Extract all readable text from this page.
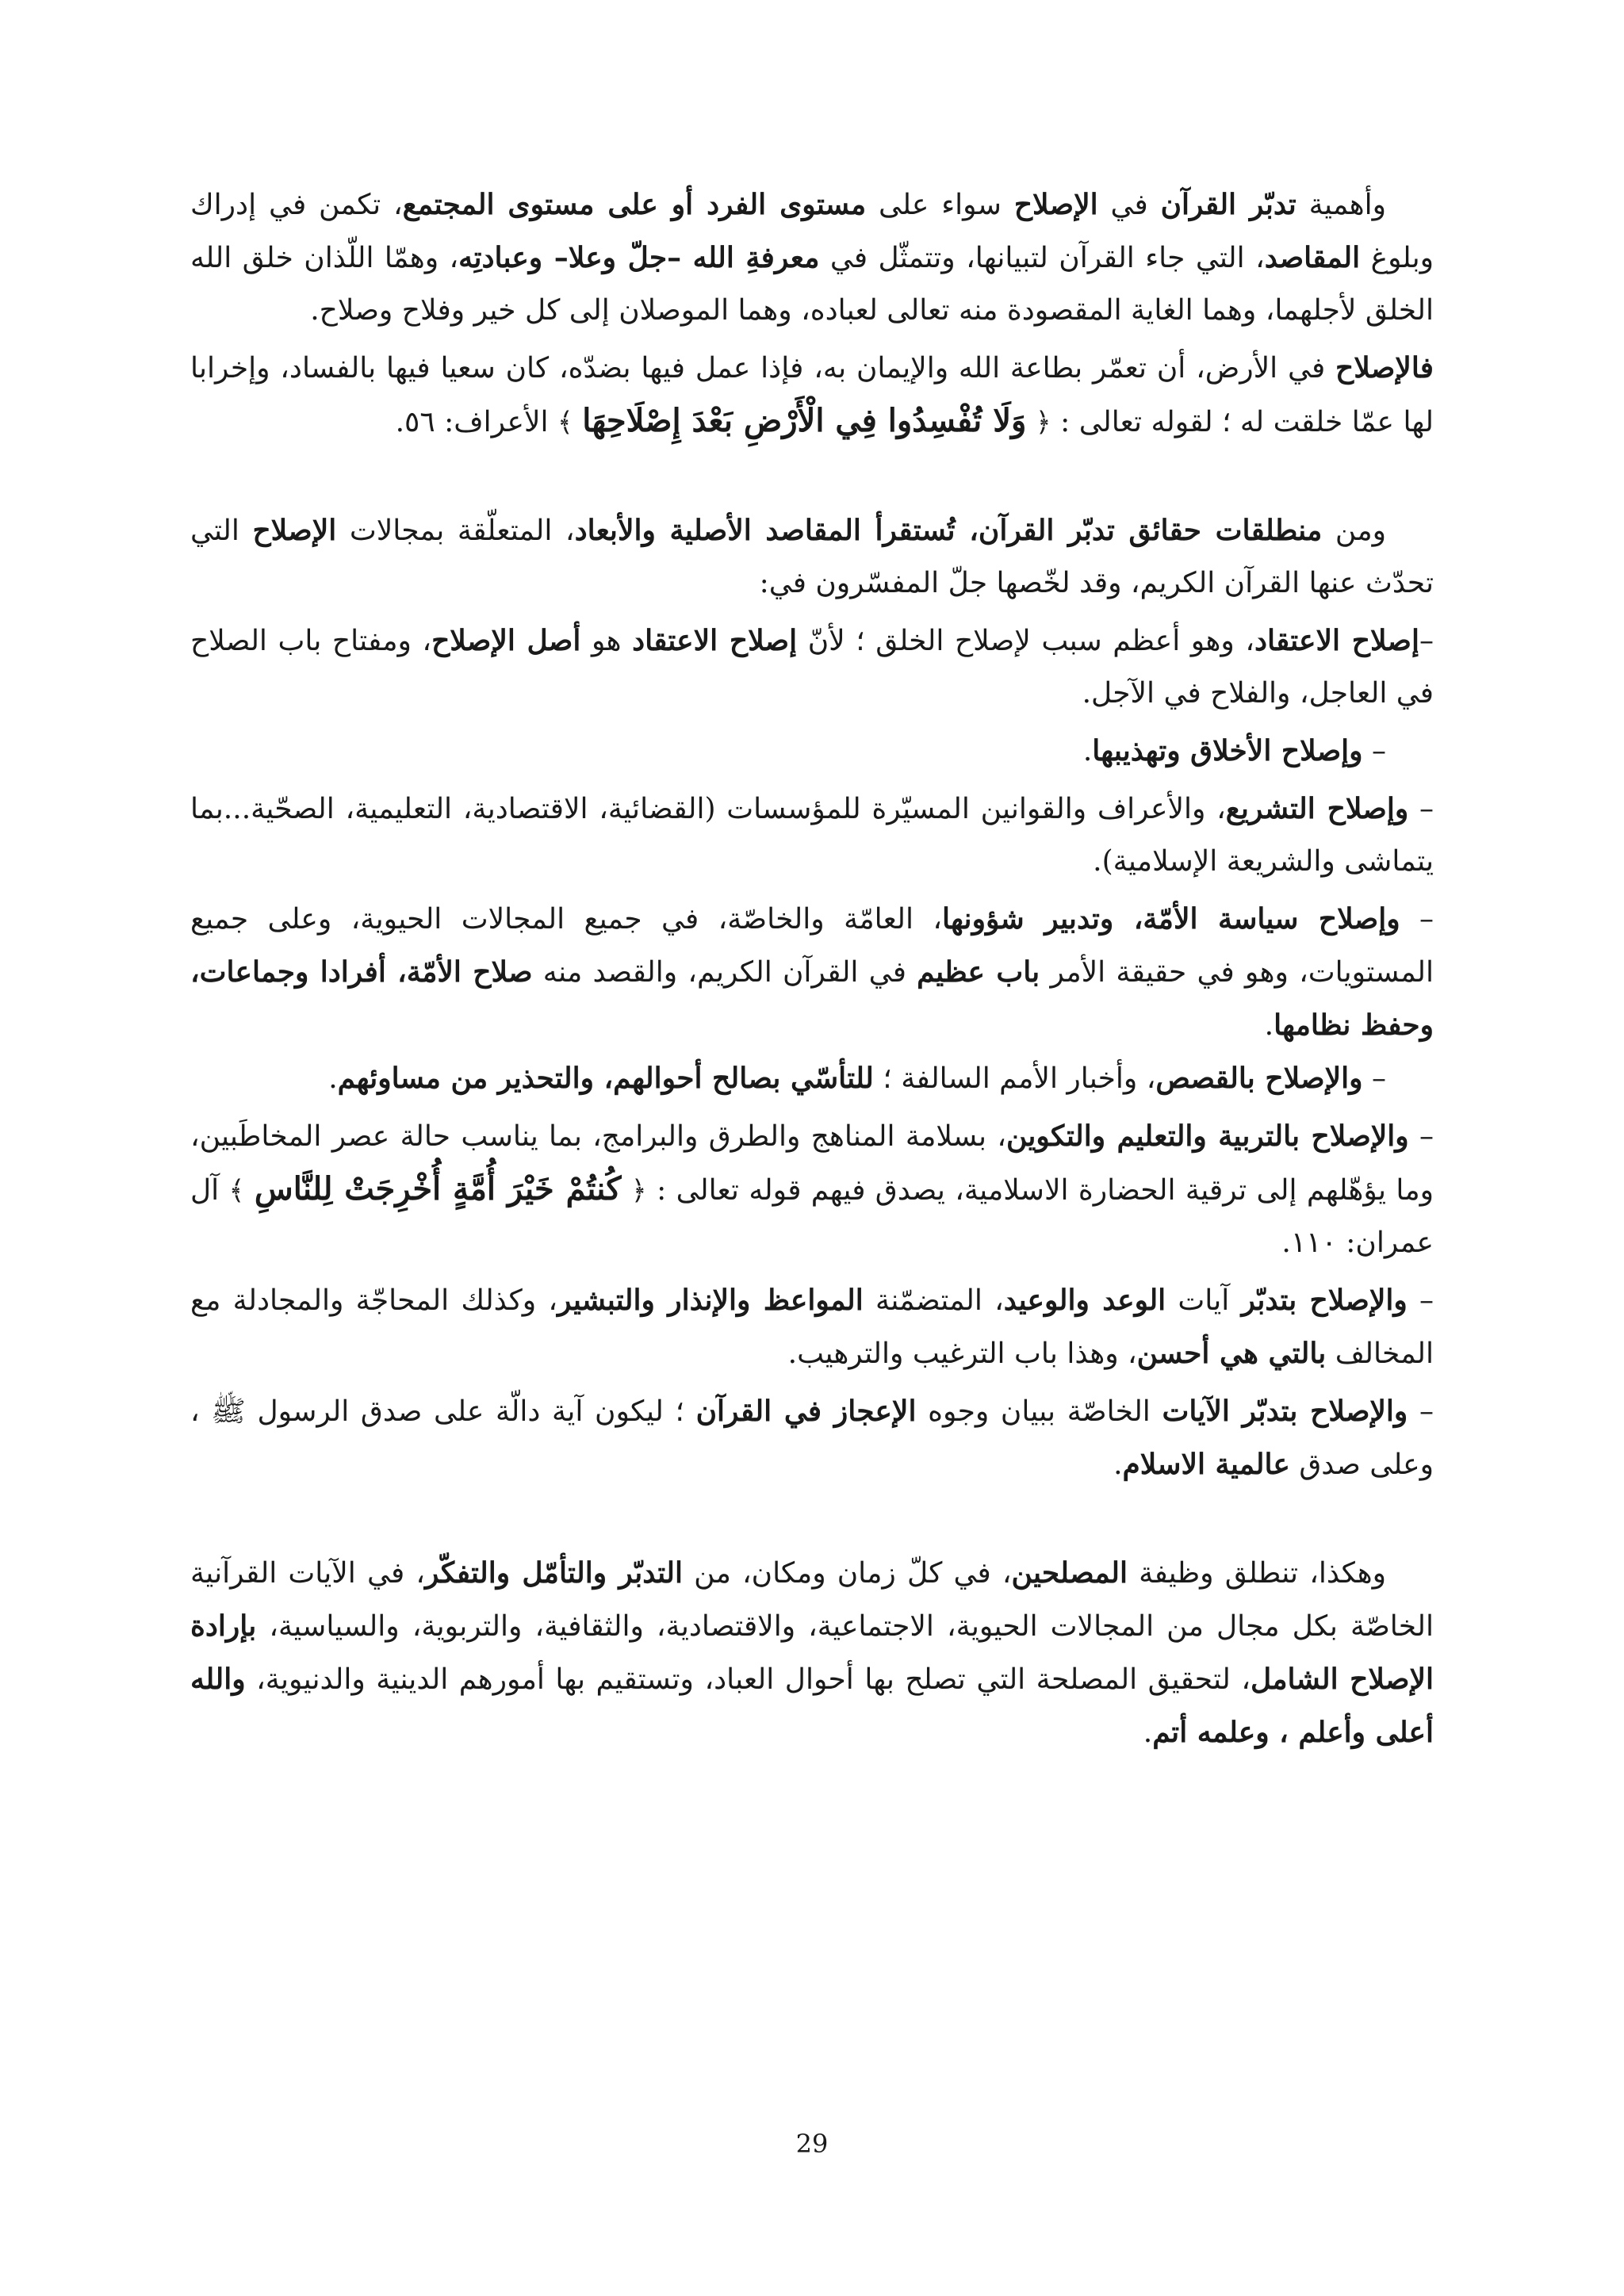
وأهمية تدبّر القرآن في الإصلاح سواء على مستوى الفرد أو على مستوى المجتمع، تكمن في إدراك وبلوغ المقاصد، التي جاء القرآن لتبيانها، وتتمثّل في معرفةِ الله –جلّ وعلا– وعبادتِه، وهمّا اللّذان خلق الله الخلق لأجلهما، وهما الغاية المقصودة منه تعالى لعباده، وهما الموصلان إلى كل خير وفلاح وصلاح.

فالإصلاح في الأرض، أن تعمّر بطاعة الله والإيمان به، فإذا عمل فيها بضدّه، كان سعيا فيها بالفساد، وإخرابا لها عمّا خلقت له ؛ لقوله تعالى : ﴿ وَلَا تُفْسِدُوا فِي الْأَرْضِ بَعْدَ إِصْلَاحِهَا ﴾ الأعراف: ٥٦.

ومن منطلقات حقائق تدبّر القرآن، تُستقرأ المقاصد الأصلية والأبعاد، المتعلّقة بمجالات الإصلاح التي تحدّث عنها القرآن الكريم، وقد لخّصها جلّ المفسّرون في:

–إصلاح الاعتقاد، وهو أعظم سبب لإصلاح الخلق ؛ لأنّ إصلاح الاعتقاد هو أصل الإصلاح، ومفتاح باب الصلاح في العاجل، والفلاح في الآجل.

– وإصلاح الأخلاق وتهذيبها.

– وإصلاح التشريع، والأعراف والقوانين المسيّرة للمؤسسات (القضائية، الاقتصادية، التعليمية، الصحّية...بما يتماشى والشريعة الإسلامية).

– وإصلاح سياسة الأمّة، وتدبير شؤونها، العامّة والخاصّة، في جميع المجالات الحيوية، وعلى جميع المستويات، وهو في حقيقة الأمر باب عظيم في القرآن الكريم، والقصد منه صلاح الأمّة، أفرادا وجماعات، وحفظ نظامها.

– والإصلاح بالقصص، وأخبار الأمم السالفة ؛ للتأسّي بصالح أحوالهم، والتحذير من مساوئهم.

– والإصلاح بالتربية والتعليم والتكوين، بسلامة المناهج والطرق والبرامج، بما يناسب حالة عصر المخاطَبين، وما يؤهّلهم إلى ترقية الحضارة الاسلامية، يصدق فيهم قوله تعالى : ﴿ كُنتُمْ خَيْرَ أُمَّةٍ أُخْرِجَتْ لِلنَّاسِ ﴾ آل عمران: ١١٠.

– والإصلاح بتدبّر آيات الوعد والوعيد، المتضمّنة المواعظ والإنذار والتبشير، وكذلك المحاجّة والمجادلة مع المخالف بالتي هي أحسن، وهذا باب الترغيب والترهيب.

– والإصلاح بتدبّر الآيات الخاصّة ببيان وجوه الإعجاز في القرآن ؛ ليكون آية دالّة على صدق الرسول ﷺ ، وعلى صدق عالمية الاسلام.

وهكذا، تنطلق وظيفة المصلحين، في كلّ زمان ومكان، من التدبّر والتأمّل والتفكّر، في الآيات القرآنية الخاصّة بكل مجال من المجالات الحيوية، الاجتماعية، والاقتصادية، والثقافية، والتربوية، والسياسية، بإرادة الإصلاح الشامل، لتحقيق المصلحة التي تصلح بها أحوال العباد، وتستقيم بها أمورهم الدينية والدنيوية، والله أعلى وأعلم ، وعلمه أتم.

29
